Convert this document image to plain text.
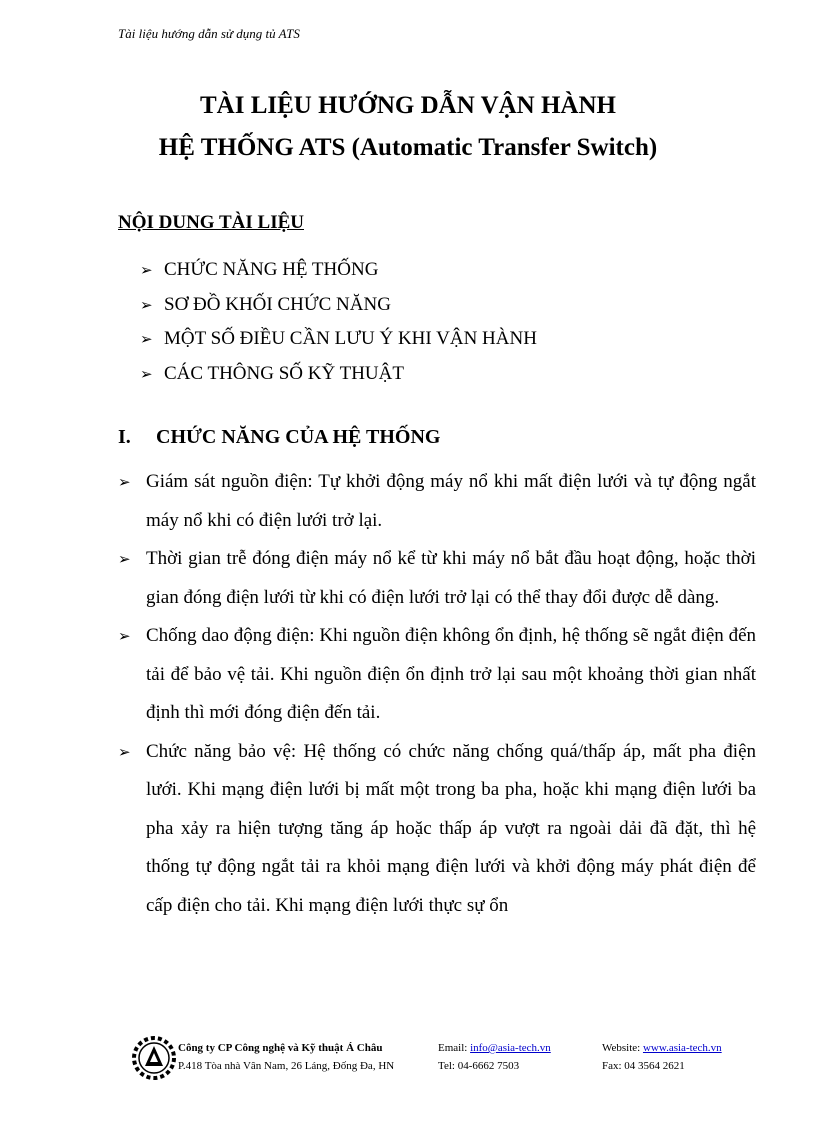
Tài liệu hướng dẫn sử dụng tủ ATS
TÀI LIỆU HƯỚNG DẪN VẬN HÀNH
HỆ THỐNG ATS (Automatic Transfer Switch)
NỘI DUNG TÀI LIỆU
➢ CHỨC NĂNG HỆ THỐNG
➢ SƠ ĐỒ KHỐI CHỨC NĂNG
➢ MỘT SỐ ĐIỀU CẦN LƯU Ý KHI VẬN HÀNH
➢ CÁC THÔNG SỐ KỸ THUẬT
I. CHỨC NĂNG CỦA HỆ THỐNG

➢ Giám sát nguồn điện: Tự khởi động máy nổ khi mất điện lưới và tự động ngắt máy nổ khi có điện lưới trở lại.

➢ Thời gian trễ đóng điện máy nổ kể từ khi máy nổ bắt đầu hoạt động, hoặc thời gian đóng điện lưới từ khi có điện lưới trở lại có thể thay đổi được dễ dàng.

➢ Chống dao động điện: Khi nguồn điện không ổn định, hệ thống sẽ ngắt điện đến tải để bảo vệ tải. Khi nguồn điện ổn định trở lại sau một khoảng thời gian nhất định thì mới đóng điện đến tải.

➢ Chức năng bảo vệ: Hệ thống có chức năng chống quá/thấp áp, mất pha điện lưới. Khi mạng điện lưới bị mất một trong ba pha, hoặc khi mạng điện lưới ba pha xảy ra hiện tượng tăng áp hoặc thấp áp vượt ra ngoài dải đã đặt, thì hệ thống tự động ngắt tải ra khỏi mạng điện lưới và khởi động máy phát điện để cấp điện cho tải. Khi mạng điện lưới thực sự ổn

Công ty CP Công nghệ và Kỹ thuật Á Châu
P.418 Tòa nhà Vân Nam, 26 Láng, Đống Đa, HN
Email: info@asia-tech.vn
Tel: 04-6662 7503
Website: www.asia-tech.vn
Fax: 04 3564 2621
